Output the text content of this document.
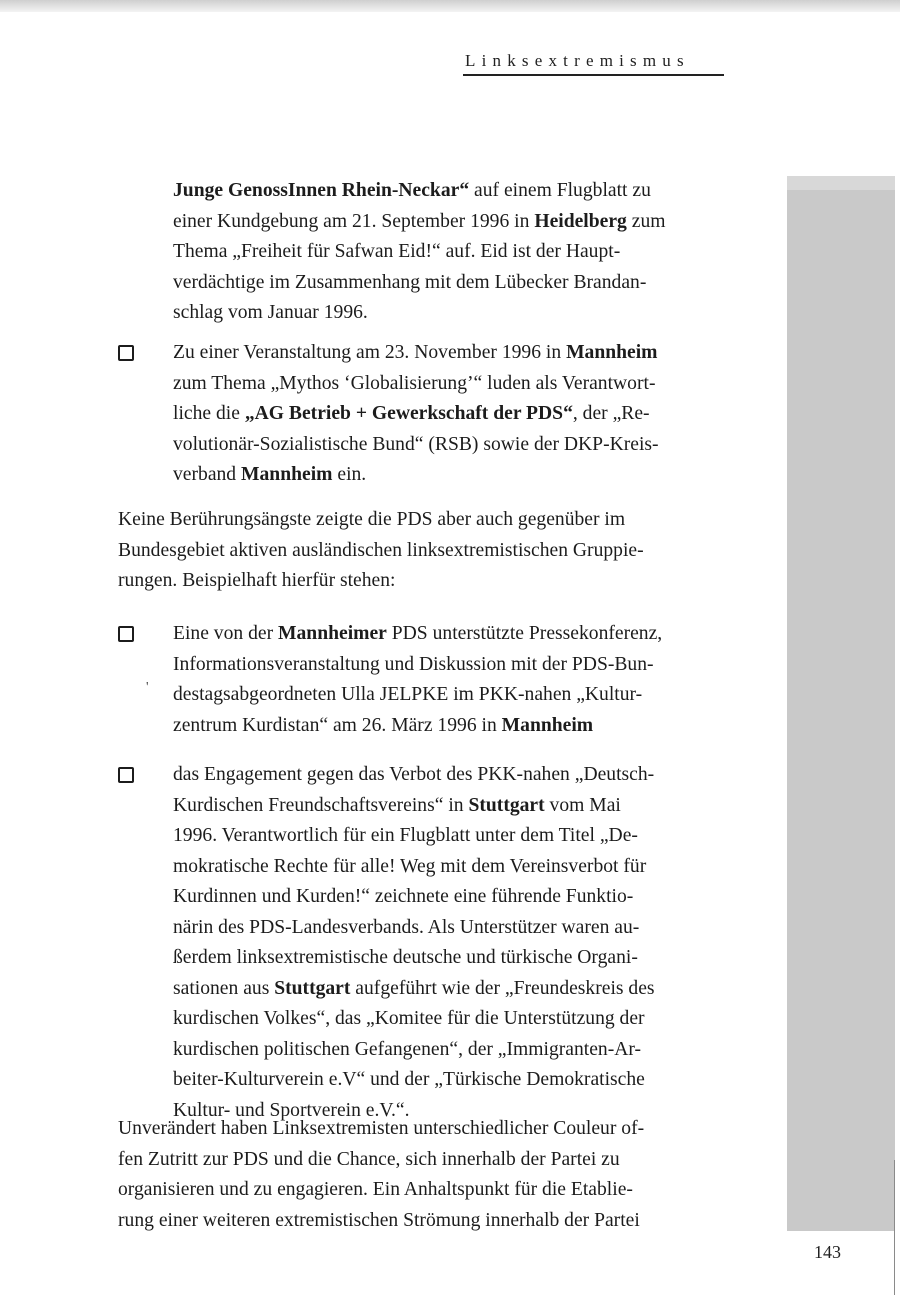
Linksextremismus

Junge GenossInnen Rhein-Neckar“ auf einem Flugblatt zu
einer Kundgebung am 21. September 1996 in Heidelberg zum
Thema „Freiheit für Safwan Eid!“ auf. Eid ist der Haupt-
verdächtige im Zusammenhang mit dem Lübecker Brandan-
schlag vom Januar 1996.

Zu einer Veranstaltung am 23. November 1996 in Mannheim
zum Thema „Mythos ‘Globalisierung’“ luden als Verantwort-
liche die „AG Betrieb + Gewerkschaft der PDS“, der „Re-
volutionär-Sozialistische Bund“ (RSB) sowie der DKP-Kreis-
verband Mannheim ein.

Keine Berührungsängste zeigte die PDS aber auch gegenüber im
Bundesgebiet aktiven ausländischen linksextremistischen Gruppie-
rungen. Beispielhaft hierfür stehen:

Eine von der Mannheimer PDS unterstützte Pressekonferenz,
Informationsveranstaltung und Diskussion mit der PDS-Bun-
destagsabgeordneten Ulla JELPKE im PKK-nahen „Kultur-
zentrum Kurdistan“ am 26. März 1996 in Mannheim

'

das Engagement gegen das Verbot des PKK-nahen „Deutsch-
Kurdischen Freundschaftsvereins“ in Stuttgart vom Mai
1996. Verantwortlich für ein Flugblatt unter dem Titel „De-
mokratische Rechte für alle! Weg mit dem Vereinsverbot für
Kurdinnen und Kurden!“ zeichnete eine führende Funktio-
närin des PDS-Landesverbands. Als Unterstützer waren au-
ßerdem linksextremistische deutsche und türkische Organi-
sationen aus Stuttgart aufgeführt wie der „Freundeskreis des
kurdischen Volkes“, das „Komitee für die Unterstützung der
kurdischen politischen Gefangenen“, der „Immigranten-Ar-
beiter-Kulturverein e.V“ und der „Türkische Demokratische
Kultur- und Sportverein e.V.“.

Unverändert haben Linksextremisten unterschiedlicher Couleur of-
fen Zutritt zur PDS und die Chance, sich innerhalb der Partei zu
organisieren und zu engagieren. Ein Anhaltspunkt für die Etablie-
rung einer weiteren extremistischen Strömung innerhalb der Partei

143
